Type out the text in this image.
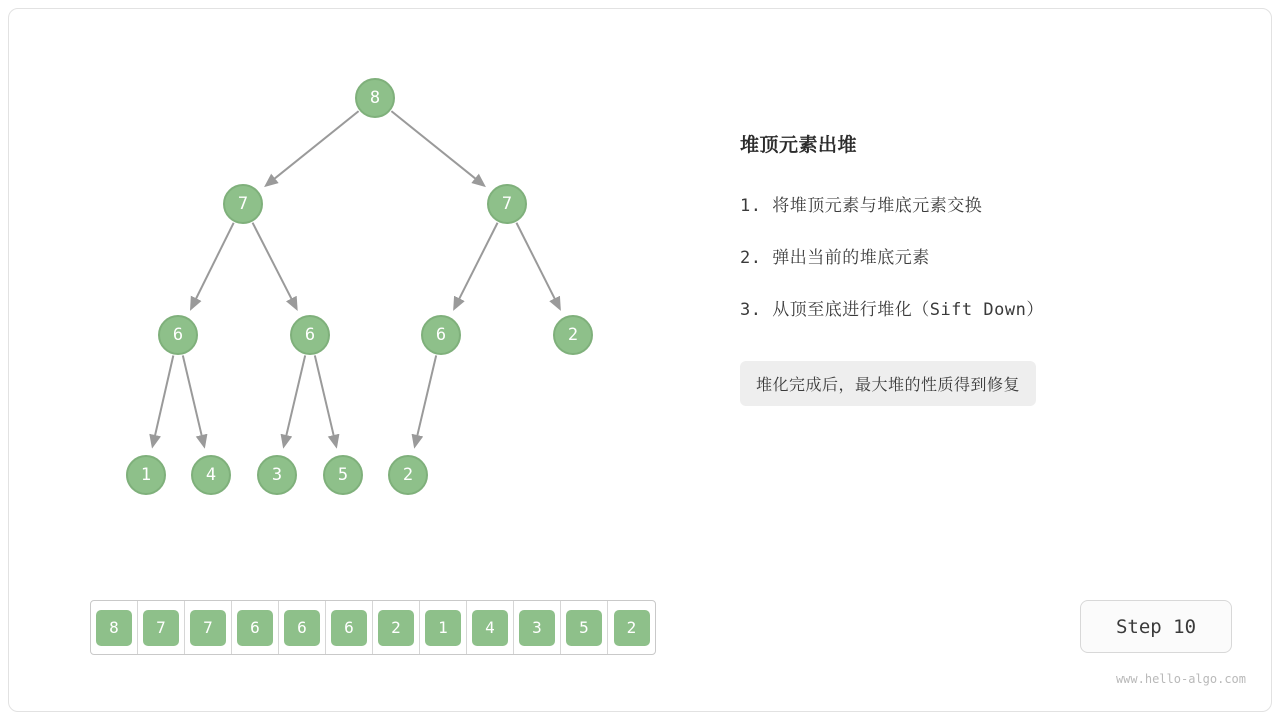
8
7	7
6	6	6	2
1	4	3	5	2
8	7	7	6	6	6	2	1	4	3	5	2
堆顶元素出堆
1. 将堆顶元素与堆底元素交换
2. 弹出当前的堆底元素
3. 从顶至底进行堆化（Sift Down）
堆化完成后，最大堆的性质得到修复
Step 10
www.hello-algo.com
